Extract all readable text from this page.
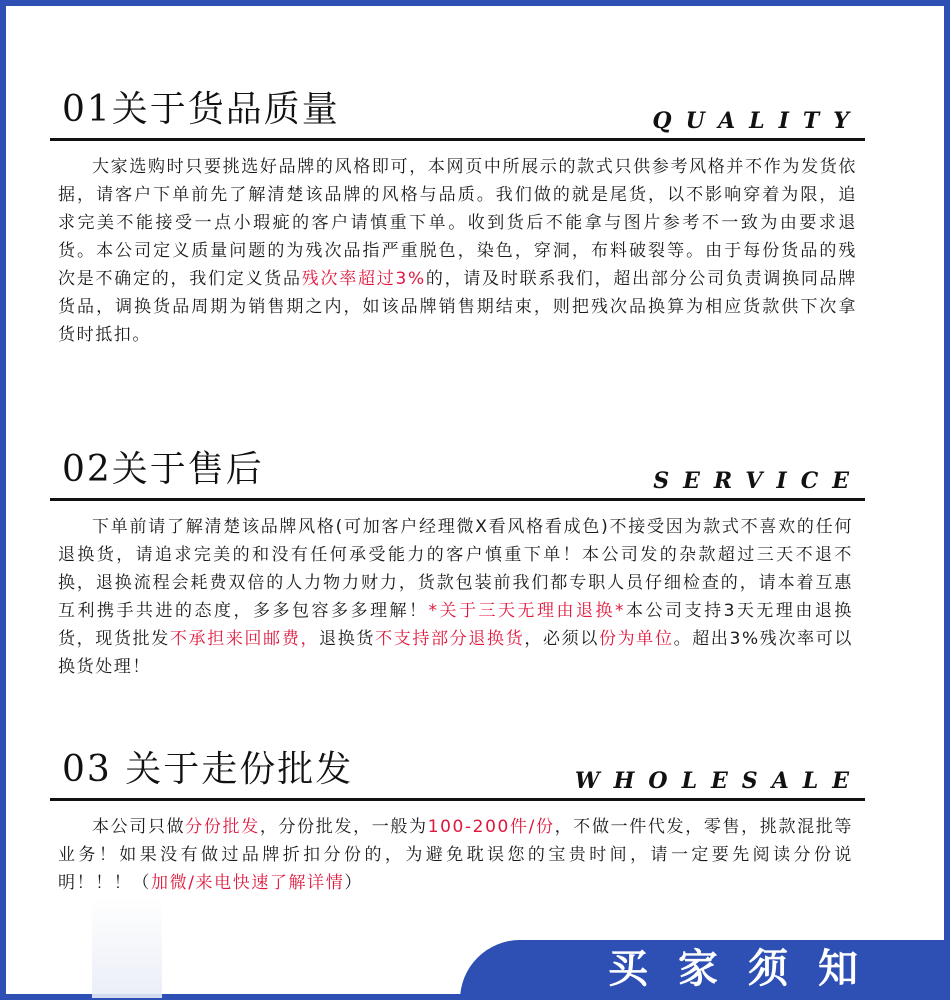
01关于货品质量	QUALITY

大家选购时只要挑选好品牌的风格即可，本网页中所展示的款式只供参考风格并不作为发货依据，请客户下单前先了解清楚该品牌的风格与品质。我们做的就是尾货，以不影响穿着为限，追求完美不能接受一点小瑕疵的客户请慎重下单。收到货后不能拿与图片参考不一致为由要求退货。本公司定义质量问题的为残次品指严重脱色，染色，穿洞，布料破裂等。由于每份货品的残次是不确定的，我们定义货品残次率超过3%的，请及时联系我们，超出部分公司负责调换同品牌货品，调换货品周期为销售期之内，如该品牌销售期结束，则把残次品换算为相应货款供下次拿货时抵扣。

02关于售后	SERVICE

下单前请了解清楚该品牌风格(可加客户经理微X看风格看成色)不接受因为款式不喜欢的任何退换货，请追求完美的和没有任何承受能力的客户慎重下单！本公司发的杂款超过三天不退不换，退换流程会耗费双倍的人力物力财力，货款包装前我们都专职人员仔细检查的，请本着互惠互利携手共进的态度，多多包容多多理解！*关于三天无理由退换*本公司支持3天无理由退换货，现货批发不承担来回邮费，退换货不支持部分退换货，必须以份为单位。超出3%残次率可以换货处理！

03 关于走份批发	WHOLESALE

本公司只做分份批发，分份批发，一般为100-200件/份，不做一件代发，零售，挑款混批等业务！如果没有做过品牌折扣分份的，为避免耽误您的宝贵时间，请一定要先阅读分份说明！！！（加微/来电快速了解详情）

买家须知
